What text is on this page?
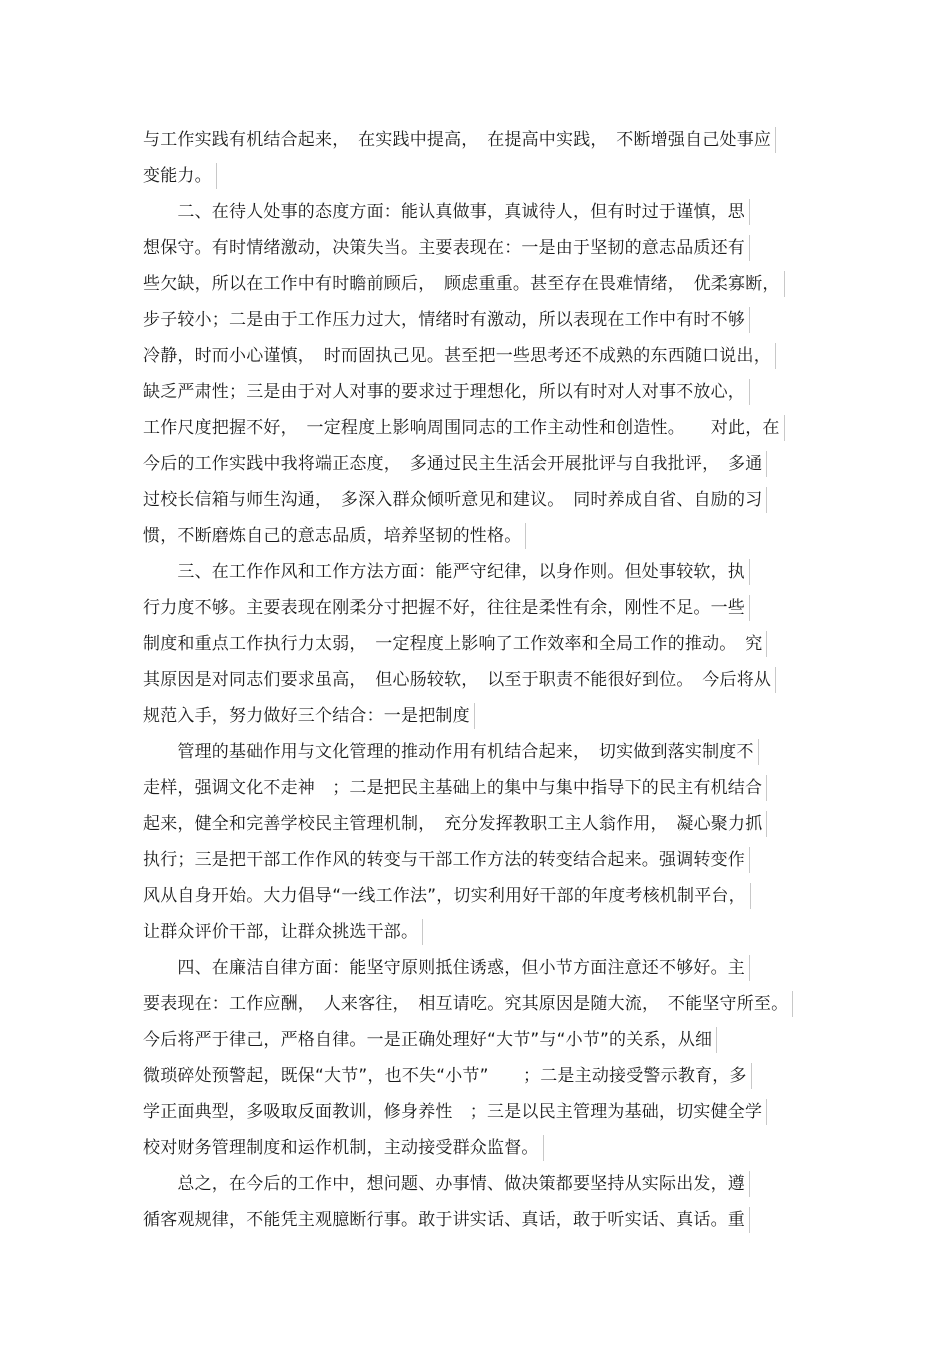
与工作实践有机结合起来，　在实践中提高，　在提高中实践，　不断增强自己处事应
变能力。
　　二、在待人处事的态度方面：能认真做事，真诚待人，但有时过于谨慎，思
想保守。有时情绪激动，决策失当。主要表现在：一是由于坚韧的意志品质还有
些欠缺，所以在工作中有时瞻前顾后，　顾虑重重。甚至存在畏难情绪，　优柔寡断，
步子较小；二是由于工作压力过大，情绪时有激动，所以表现在工作中有时不够
冷静，时而小心谨慎，　时而固执己见。甚至把一些思考还不成熟的东西随口说出，
缺乏严肃性；三是由于对人对事的要求过于理想化，所以有时对人对事不放心，
工作尺度把握不好，　一定程度上影响周围同志的工作主动性和创造性。　　对此，在
今后的工作实践中我将端正态度，　多通过民主生活会开展批评与自我批评，　多通
过校长信箱与师生沟通，　多深入群众倾听意见和建议。　同时养成自省、自励的习
惯，不断磨炼自己的意志品质，培养坚韧的性格。
　　三、在工作作风和工作方法方面：能严守纪律，以身作则。但处事较软，执
行力度不够。主要表现在刚柔分寸把握不好，往往是柔性有余，刚性不足。一些
制度和重点工作执行力太弱，　一定程度上影响了工作效率和全局工作的推动。　究
其原因是对同志们要求虽高，　但心肠较软，　以至于职责不能很好到位。　今后将从
规范入手，努力做好三个结合：一是把制度
　　管理的基础作用与文化管理的推动作用有机结合起来，　切实做到落实制度不
走样，强调文化不走神　；二是把民主基础上的集中与集中指导下的民主有机结合
起来，健全和完善学校民主管理机制，　充分发挥教职工主人翁作用，　凝心聚力抓
执行；三是把干部工作作风的转变与干部工作方法的转变结合起来。强调转变作
风从自身开始。大力倡导“一线工作法”，切实利用好干部的年度考核机制平台，
让群众评价干部，让群众挑选干部。
　　四、在廉洁自律方面：能坚守原则抵住诱惑，但小节方面注意还不够好。主
要表现在：工作应酬，　人来客往，　相互请吃。究其原因是随大流，　不能坚守所至。
今后将严于律己，严格自律。一是正确处理好“大节”与“小节”的关系，从细
微琐碎处预警起，既保“大节”，也不失“小节”　　；二是主动接受警示教育，多
学正面典型，多吸取反面教训，修身养性　；三是以民主管理为基础，切实健全学
校对财务管理制度和运作机制，主动接受群众监督。
　　总之，在今后的工作中，想问题、办事情、做决策都要坚持从实际出发，遵
循客观规律，不能凭主观臆断行事。敢于讲实话、真话，敢于听实话、真话。重
